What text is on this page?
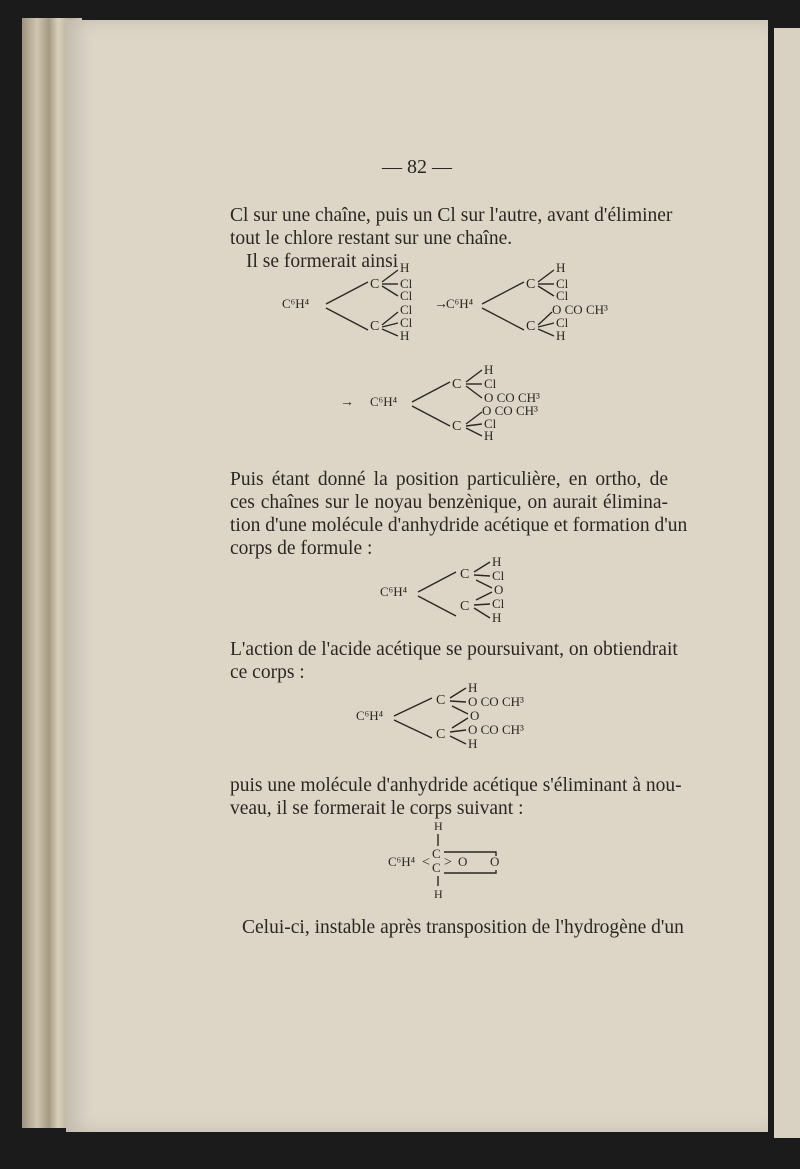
— 82 —
Cl sur une chaîne, puis un Cl sur l'autre, avant d'éliminer
tout le chlore restant sur une chaîne.
Il se formerait ainsi
C⁶H⁴
C
C
H
Cl
Cl
Cl
Cl
H
→
C⁶H⁴
C
C
H
Cl
Cl
O CO CH³
Cl
H
→ C⁶H⁴
C
C
H
Cl
O CO CH³
O CO CH³
Cl
H
Puis étant donné la position particulière, en ortho, de
ces chaînes sur le noyau benzènique, on aurait élimina-
tion d'une molécule d'anhydride acétique et formation d'un
corps de formule :
C⁶H⁴
C
C
H
Cl
O
Cl
H
L'action de l'acide acétique se poursuivant, on obtiendrait
ce corps :
C⁶H⁴
C
C
H
O CO CH³
O
O CO CH³
H
puis une molécule d'anhydride acétique s'éliminant à nou-
veau, il se formerait le corps suivant :
H
C⁶H⁴ <
C
C > O O
H
Celui-ci, instable après transposition de l'hydrogène d'un
